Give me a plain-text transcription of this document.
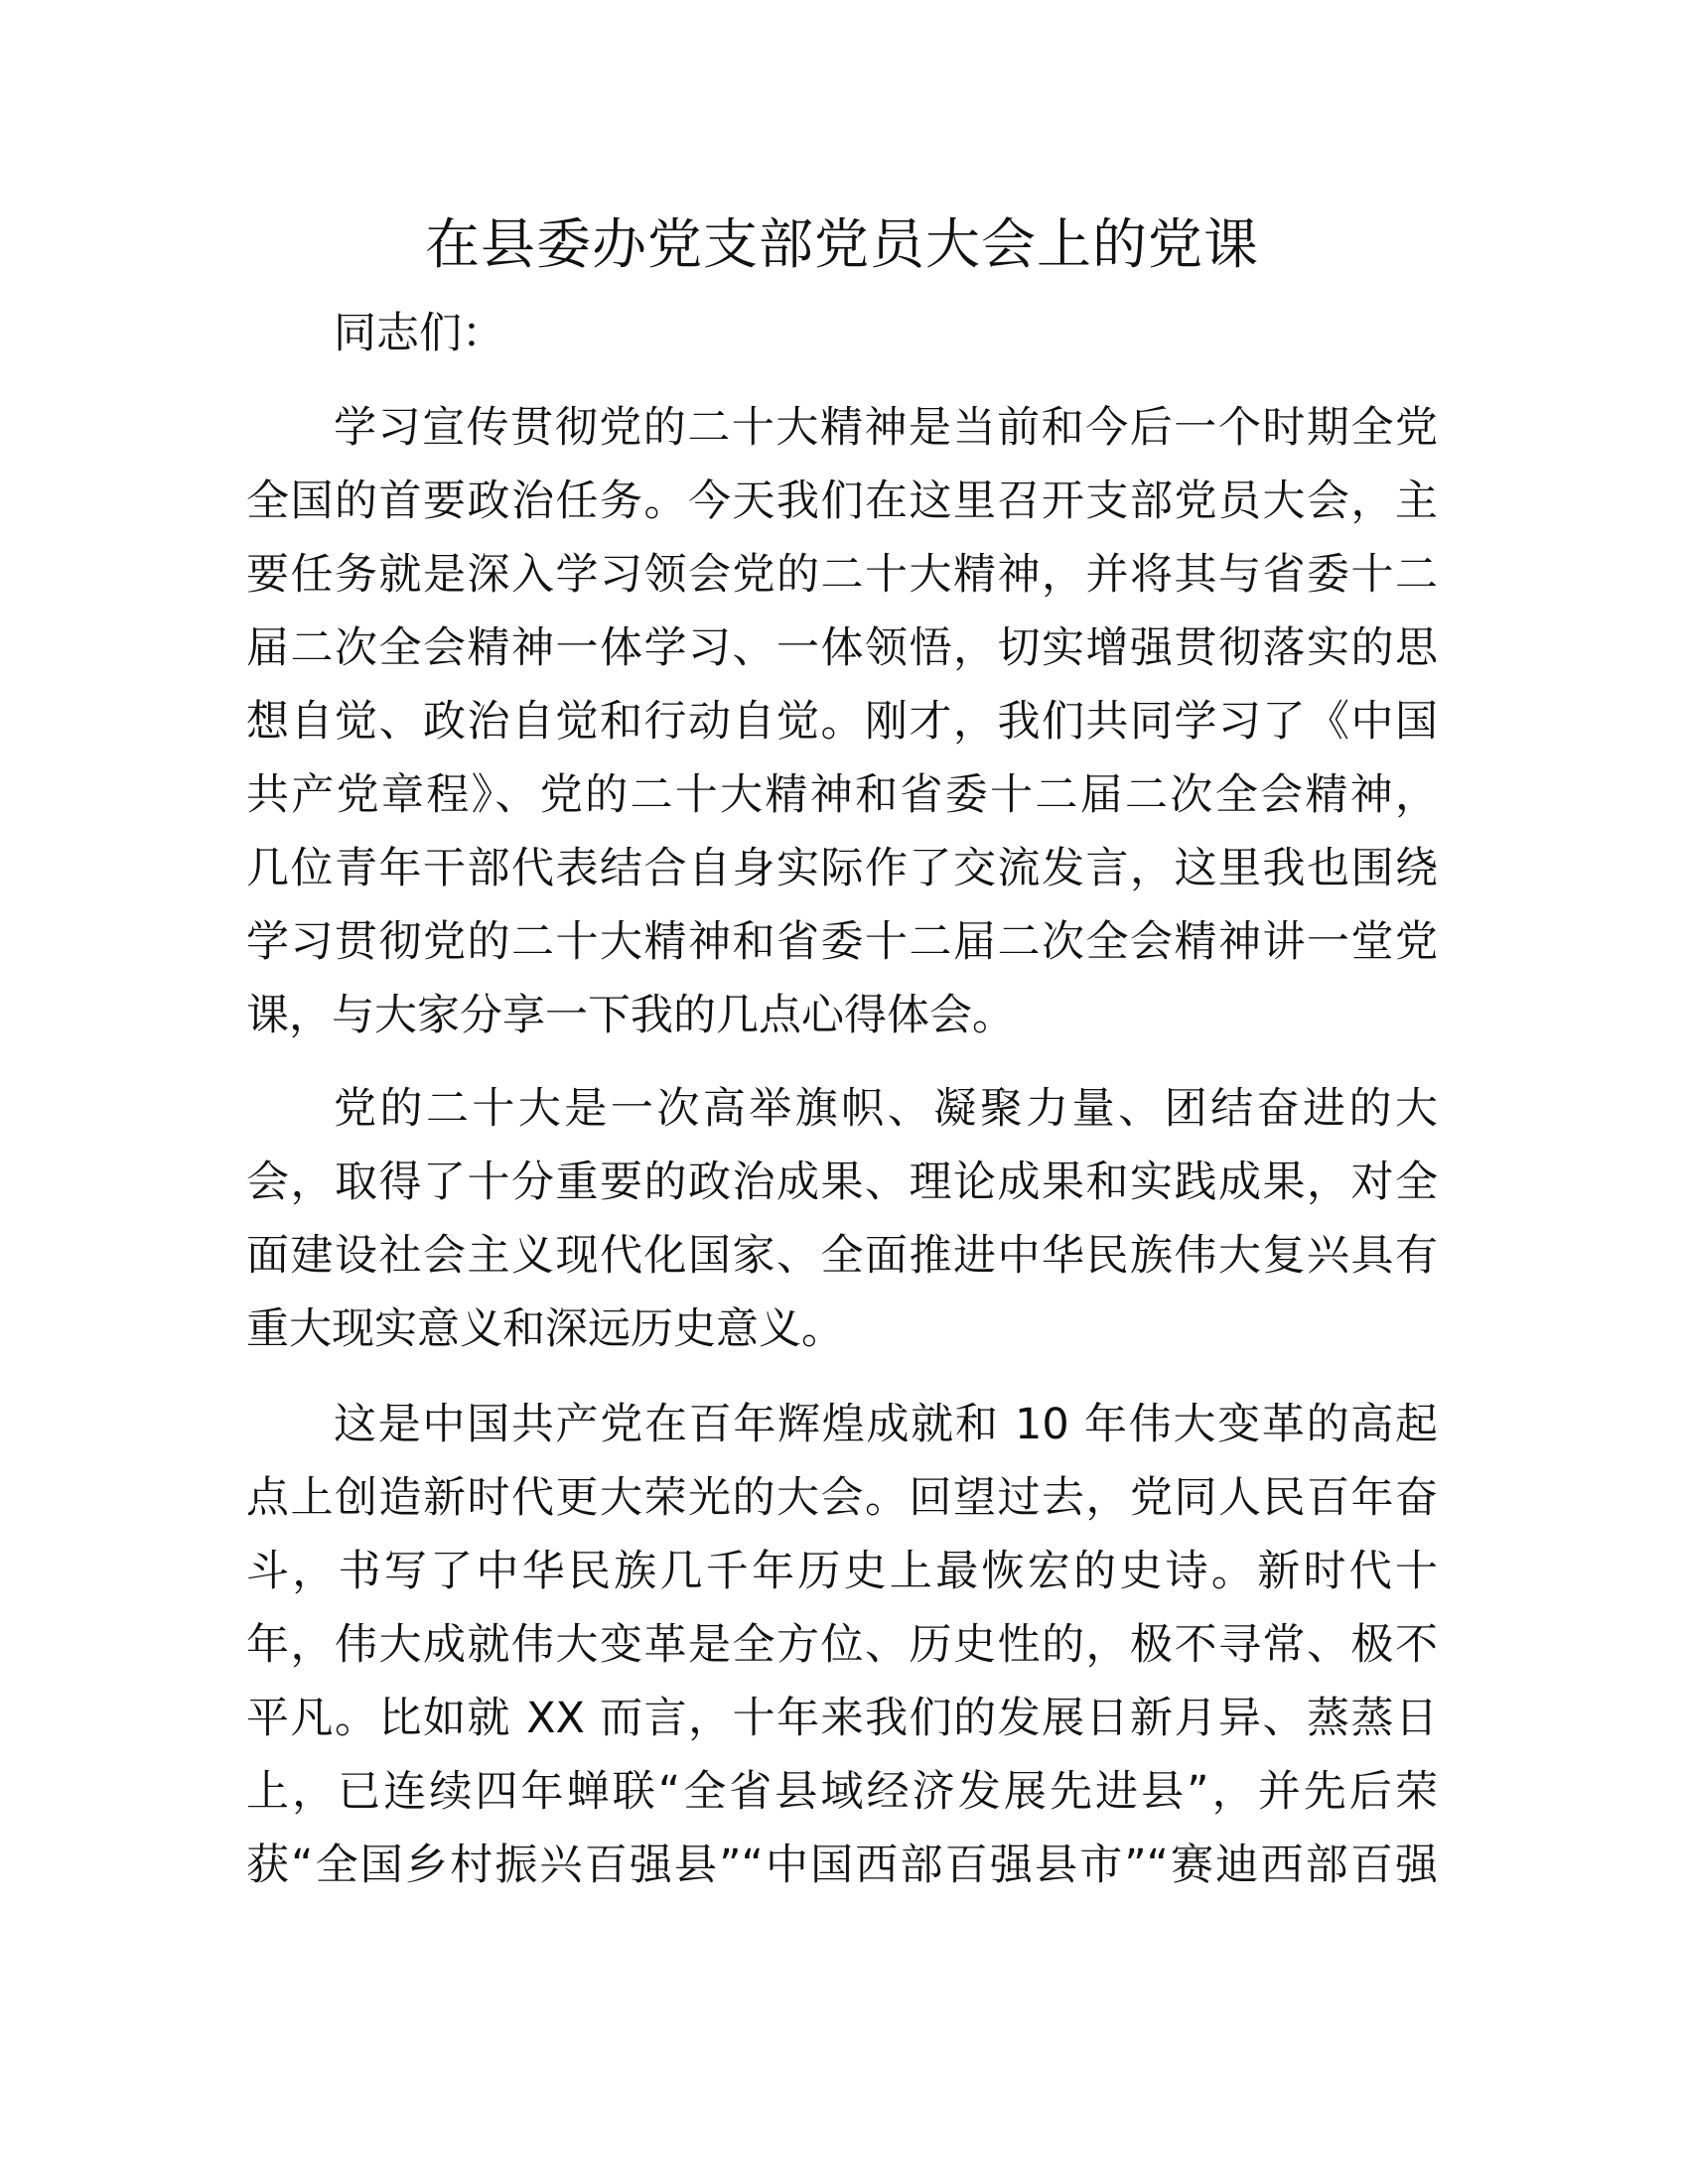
在县委办党支部党员大会上的党课

同志们：

学习宣传贯彻党的二十大精神是当前和今后一个时期全党
全国的首要政治任务。今天我们在这里召开支部党员大会，主
要任务就是深入学习领会党的二十大精神，并将其与省委十二
届二次全会精神一体学习、一体领悟，切实增强贯彻落实的思
想自觉、政治自觉和行动自觉。刚才，我们共同学习了《中国
共产党章程》、党的二十大精神和省委十二届二次全会精神，
几位青年干部代表结合自身实际作了交流发言，这里我也围绕
学习贯彻党的二十大精神和省委十二届二次全会精神讲一堂党
课，与大家分享一下我的几点心得体会。
党的二十大是一次高举旗帜、凝聚力量、团结奋进的大
会，取得了十分重要的政治成果、理论成果和实践成果，对全
面建设社会主义现代化国家、全面推进中华民族伟大复兴具有
重大现实意义和深远历史意义。
这是中国共产党在百年辉煌成就和 10 年伟大变革的高起
点上创造新时代更大荣光的大会。回望过去，党同人民百年奋
斗，书写了中华民族几千年历史上最恢宏的史诗。新时代十
年，伟大成就伟大变革是全方位、历史性的，极不寻常、极不
平凡。比如就 XX 而言，十年来我们的发展日新月异、蒸蒸日
上，已连续四年蝉联“全省县域经济发展先进县”，并先后荣
获“全国乡村振兴百强县”“中国西部百强县市”“赛迪西部百强
